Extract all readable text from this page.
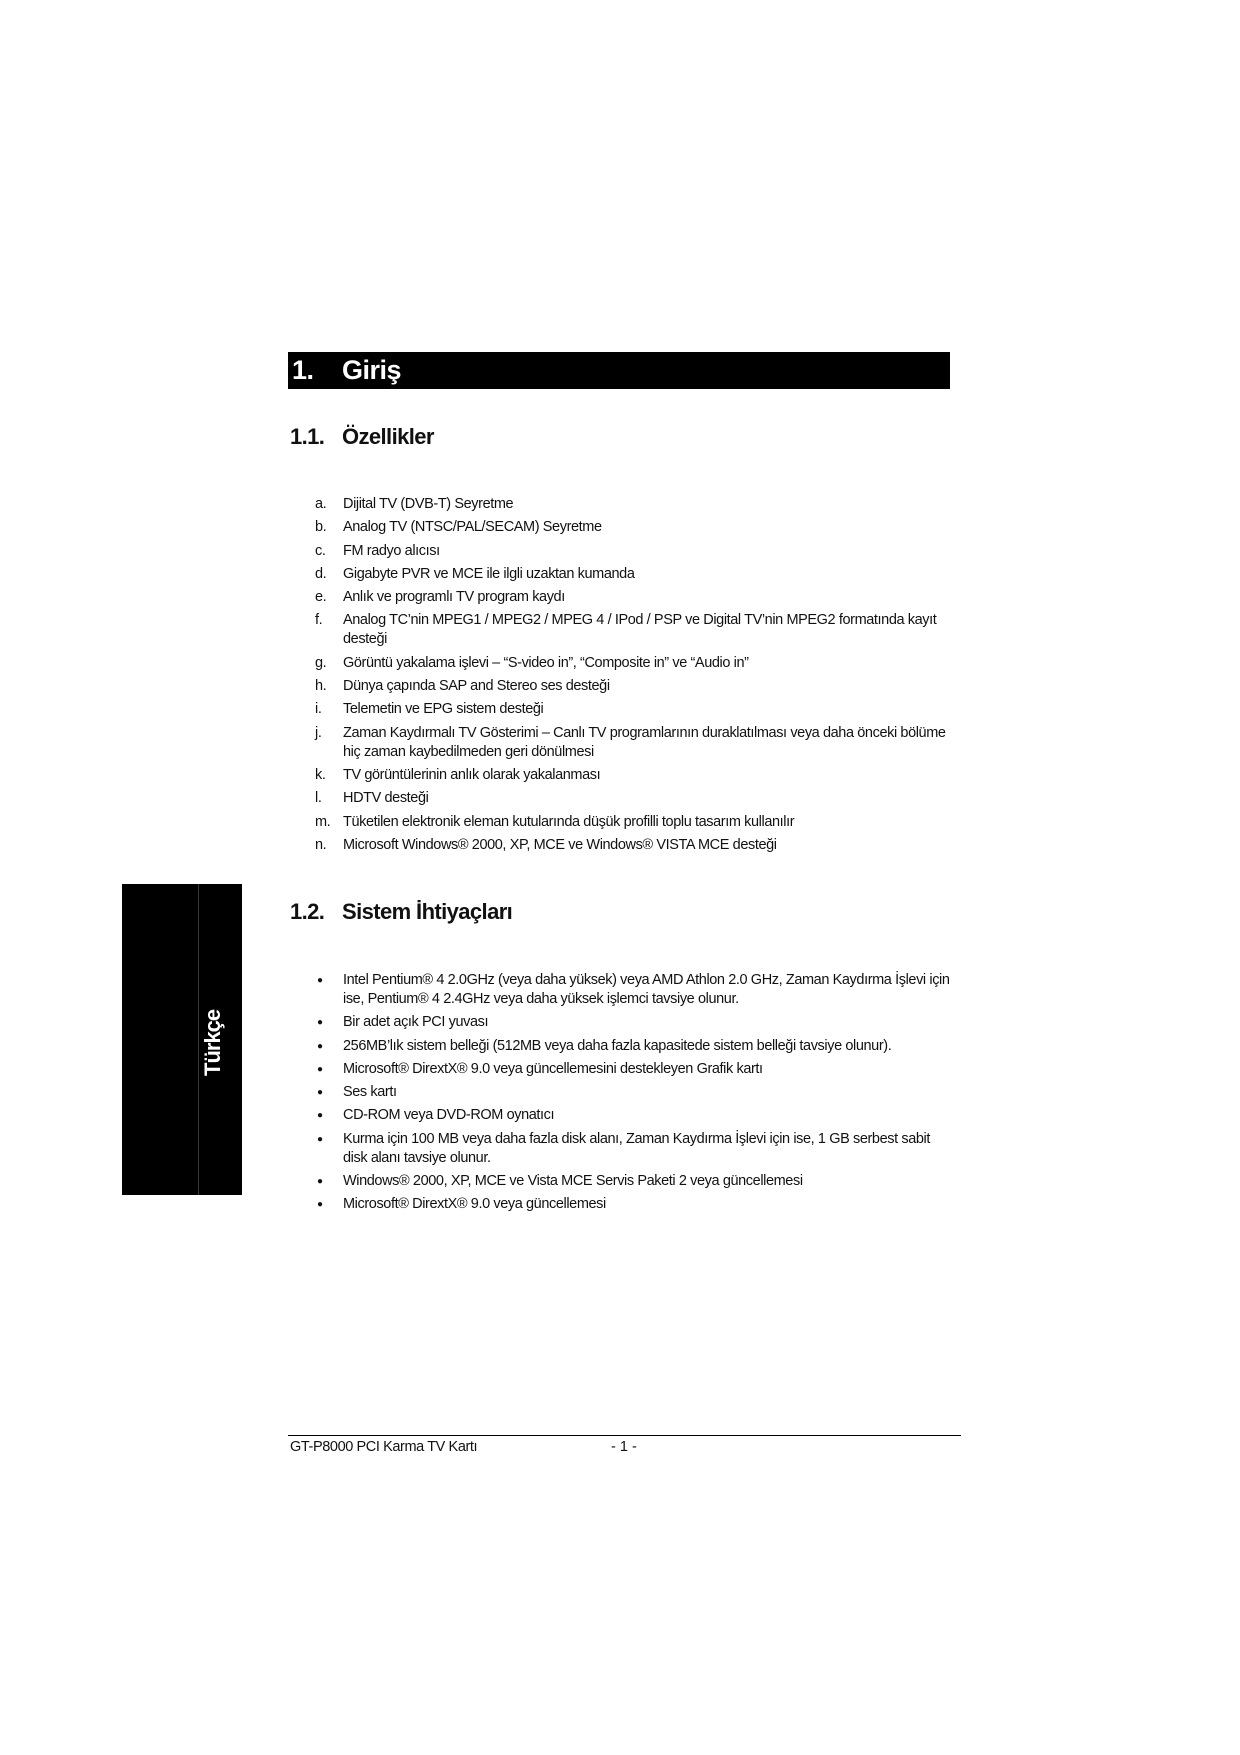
1. Giriş
1.1. Özellikler
a.	Dijital TV (DVB-T) Seyretme
b.	Analog TV (NTSC/PAL/SECAM) Seyretme
c.	FM radyo alıcısı
d.	Gigabyte PVR ve MCE ile ilgli uzaktan kumanda
e.	Anlık ve programlı TV program kaydı
f.	Analog TC’nin MPEG1 / MPEG2 / MPEG 4 / IPod / PSP ve Digital TV’nin MPEG2 formatında kayıt desteği
g.	Görüntü yakalama işlevi – “S-video in”, “Composite in” ve “Audio in”
h.	Dünya çapında SAP and Stereo ses desteği
i.	Telemetin ve EPG sistem desteği
j.	Zaman Kaydırmalı TV Gösterimi – Canlı TV programlarının duraklatılması veya daha önceki bölüme hiç zaman kaybedilmeden geri dönülmesi
k.	TV görüntülerinin anlık olarak yakalanması
l.	HDTV desteği
m. Tüketilen elektronik eleman kutularında düşük profilli toplu tasarım kullanılır
n.	Microsoft Windows® 2000, XP, MCE ve Windows® VISTA MCE desteği
1.2. Sistem İhtiyaçları
● Intel Pentium® 4 2.0GHz (veya daha yüksek) veya AMD Athlon 2.0 GHz, Zaman Kaydırma İşlevi için ise, Pentium® 4 2.4GHz veya daha yüksek işlemci tavsiye olunur.
● Bir adet açık PCI yuvası
● 256MB’lık sistem belleği (512MB veya daha fazla kapasitede sistem belleği tavsiye olunur).
● Microsoft® DirextX® 9.0 veya güncellemesini destekleyen Grafik kartı
● Ses kartı
● CD-ROM veya DVD-ROM oynatıcı
● Kurma için 100 MB veya daha fazla disk alanı, Zaman Kaydırma İşlevi için ise, 1 GB serbest sabit disk alanı tavsiye olunur.
● Windows® 2000, XP, MCE ve Vista MCE Servis Paketi 2 veya güncellemesi
● Microsoft® DirextX® 9.0 veya güncellemesi
Türkçe
GT-P8000 PCI Karma TV Kartı	- 1 -
